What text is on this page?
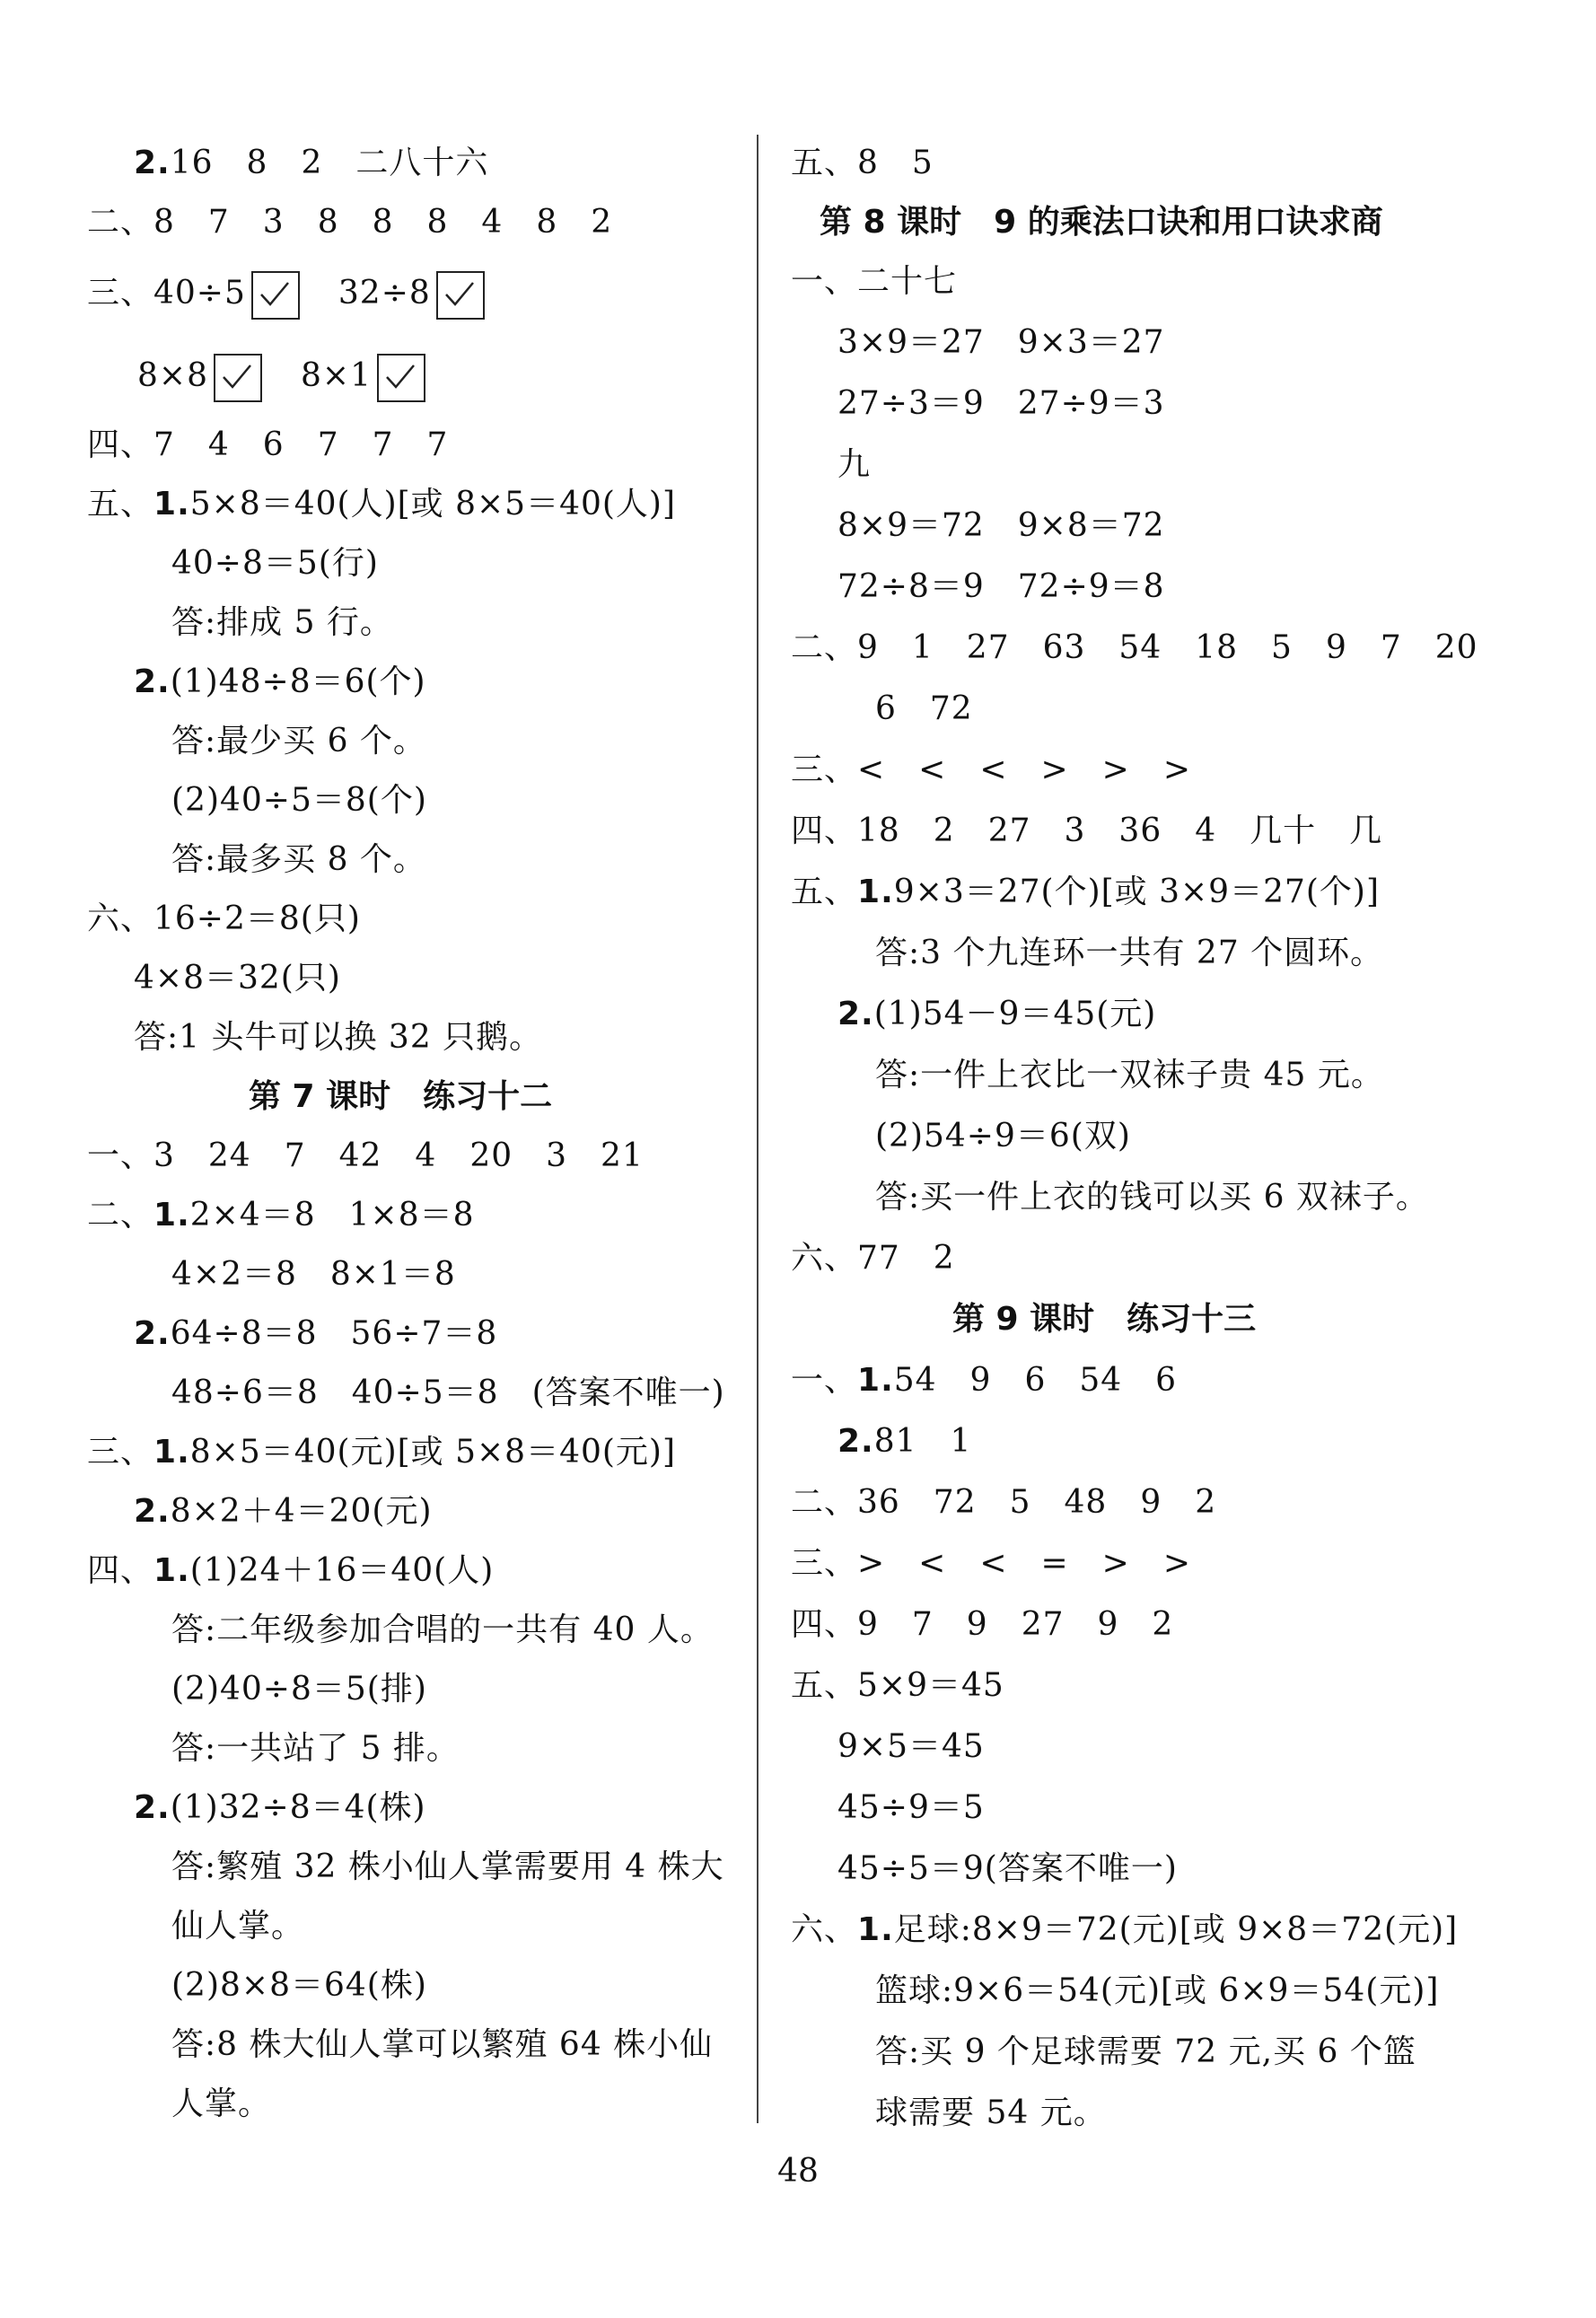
2.16　8　2　二八十六
二、8　7　3　8　8　8　4　8　2
三、40÷5
　	32÷8
8×8
　	8×1
四、7　4　6　7　7　7
五、1.5×8＝40(人)[或 8×5＝40(人)]
40÷8＝5(行)
答:排成 5 行。
2.(1)48÷8＝6(个)
答:最少买 6 个。
(2)40÷5＝8(个)
答:最多买 8 个。
六、16÷2＝8(只)
4×8＝32(只)
答:1 头牛可以换 32 只鹅。
第 7 课时　练习十二
一、3　24　7　42　4　20　3　21
二、1.2×4＝8　1×8＝8
4×2＝8　8×1＝8
2.64÷8＝8　56÷7＝8
48÷6＝8　40÷5＝8　(答案不唯一)
三、1.8×5＝40(元)[或 5×8＝40(元)]
2.8×2＋4＝20(元)
四、1.(1)24＋16＝40(人)
答:二年级参加合唱的一共有 40 人。
(2)40÷8＝5(排)
答:一共站了 5 排。
2.(1)32÷8＝4(株)
答:繁殖 32 株小仙人掌需要用 4 株大
仙人掌。
(2)8×8＝64(株)
答:8 株大仙人掌可以繁殖 64 株小仙
人掌。
五、8　5
第 8 课时　9 的乘法口诀和用口诀求商
一、二十七
3×9＝27　9×3＝27
27÷3＝9　27÷9＝3
九
8×9＝72　9×8＝72
72÷8＝9　72÷9＝8
二、9　1　27　63　54　18　5　9　7　20
6　72
三、<　<　<　>　>　>
四、18　2　27　3　36　4　几十　几
五、1.9×3＝27(个)[或 3×9＝27(个)]
答:3 个九连环一共有 27 个圆环。
2.(1)54－9＝45(元)
答:一件上衣比一双袜子贵 45 元。
(2)54÷9＝6(双)
答:买一件上衣的钱可以买 6 双袜子。
六、77　2
第 9 课时　练习十三
一、1.54　9　6　54　6
2.81　1
二、36　72　5　48　9　2
三、>　<　<　=　>　>
四、9　7　9　27　9　2
五、5×9＝45
9×5＝45
45÷9＝5
45÷5＝9(答案不唯一)
六、1.足球:8×9＝72(元)[或 9×8＝72(元)]
篮球:9×6＝54(元)[或 6×9＝54(元)]
答:买 9 个足球需要 72 元,买 6 个篮
球需要 54 元。
48
